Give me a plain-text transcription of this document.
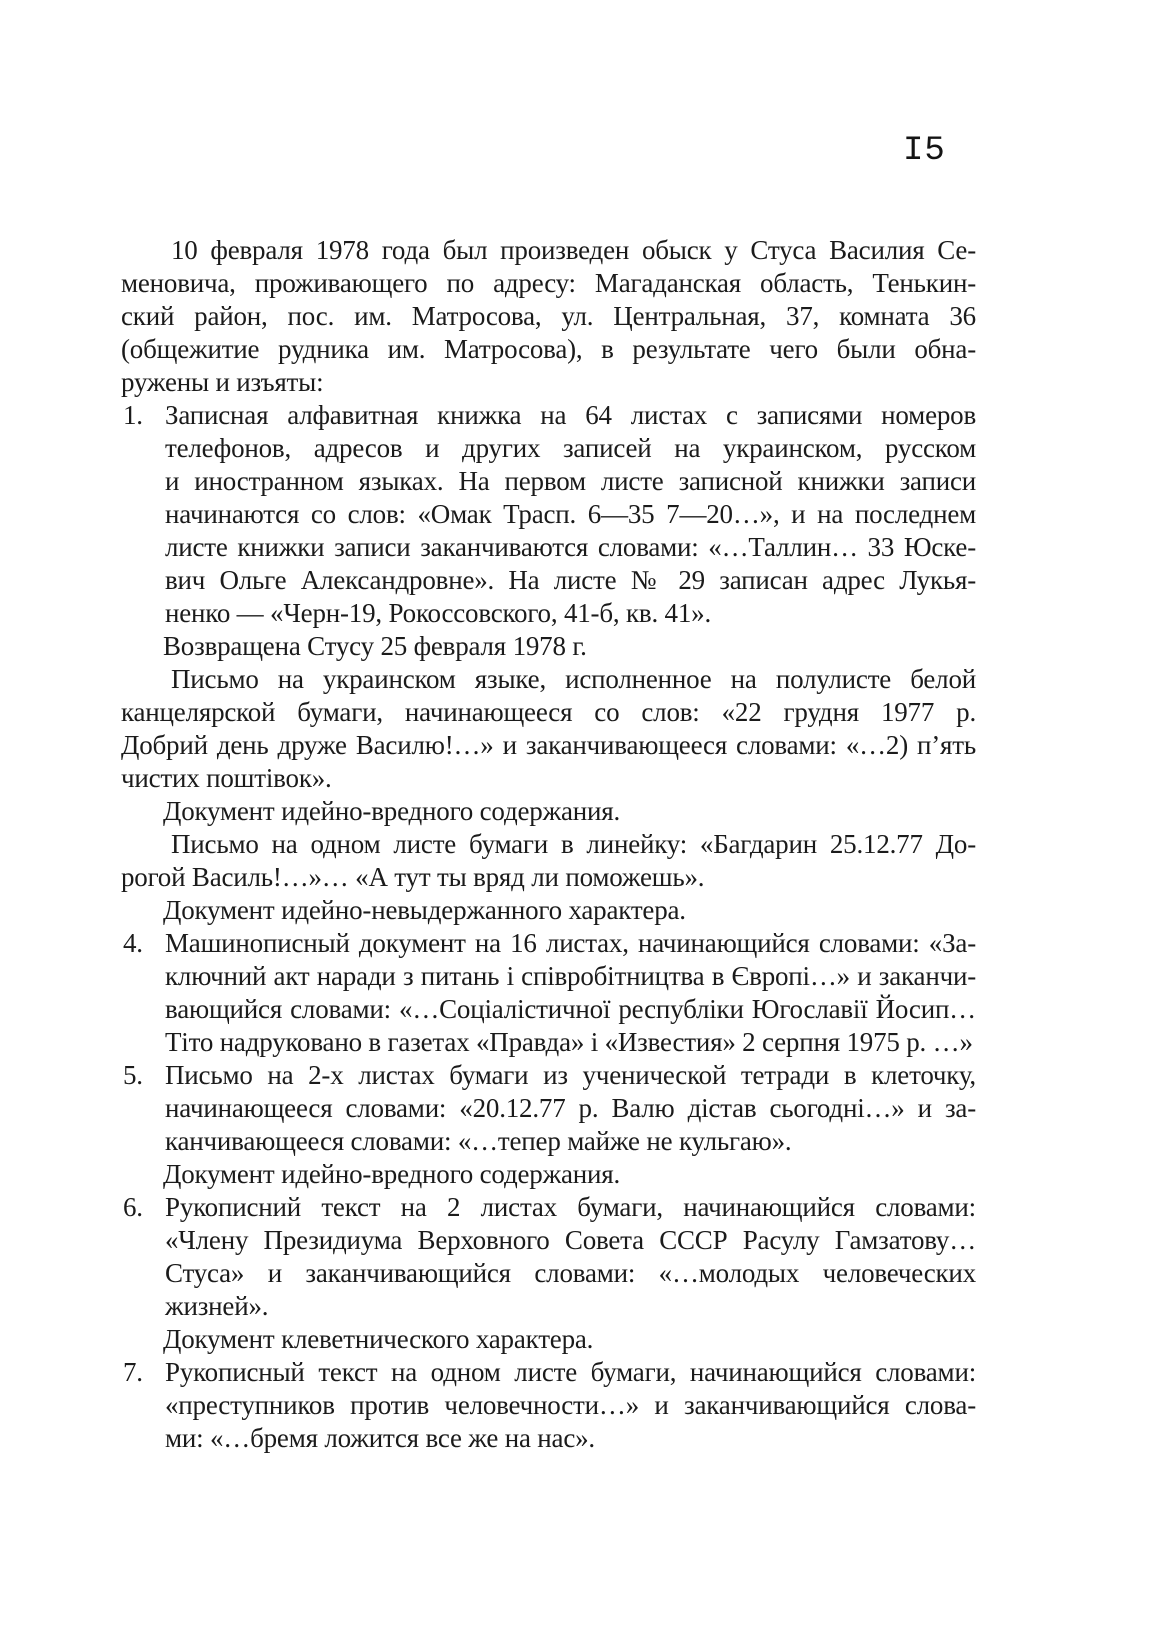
I5
10 февраля 1978 года был произведен обыск у Стуса Василия Се-
меновича, проживающего по адресу: Магаданская область, Тенькин-
ский район, пос. им. Матросова, ул. Центральная, 37, комната 36
(общежитие рудника им. Матросова), в результате чего были обна-
ружены и изъяты:
1. Записная алфавитная книжка на 64 листах с записями номеров
телефонов, адресов и других записей на украинском, русском
и иностранном языках. На первом листе записной книжки записи
начинаются со слов: «Омак Трасп. 6—35 7—20…», и на последнем
листе книжки записи заканчиваются словами: «…Таллин… 33 Юске-
вич Ольге Александровне». На листе № 29 записан адрес Лукья-
ненко — «Черн-19, Рокоссовского, 41-б, кв. 41».
Возвращена Стусу 25 февраля 1978 г.
Письмо на украинском языке, исполненное на полулисте белой
канцелярской бумаги, начинающееся со слов: «22 грудня 1977 р.
Добрий день друже Василю!…» и заканчивающееся словами: «…2) п’ять
чистих поштівок».
Документ идейно-вредного содержания.
Письмо на одном листе бумаги в линейку: «Багдарин 25.12.77 До-
рогой Василь!…»… «А тут ты вряд ли поможешь».
Документ идейно-невыдержанного характера.
4. Машинописный документ на 16 листах, начинающийся словами: «За-
ключний акт наради з питань і співробітництва в Європі…» и заканчи-
вающийся словами: «…Соціалістичної республіки Югославії Йосип…
Тіто надруковано в газетах «Правда» і «Известия» 2 серпня 1975 р. …»
5. Письмо на 2-х листах бумаги из ученической тетради в клеточку,
начинающееся словами: «20.12.77 р. Валю дістав сьогодні…» и за-
канчивающееся словами: «…тепер майже не кульгаю».
Документ идейно-вредного содержания.
6. Рукописний текст на 2 листах бумаги, начинающийся словами:
«Члену Президиума Верховного Совета СССР Расулу Гамзатову…
Стуса» и заканчивающийся словами: «…молодых человеческих
жизней».
Документ клеветнического характера.
7. Рукописный текст на одном листе бумаги, начинающийся словами:
«преступников против человечности…» и заканчивающийся слова-
ми: «…бремя ложится все же на нас».
